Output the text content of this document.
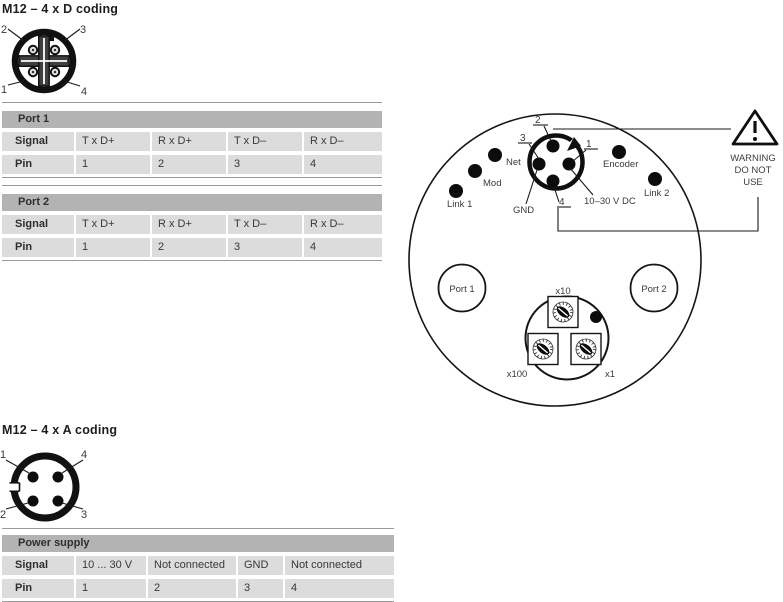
M12 – 4 x D coding
2	3
1	4
Port 1
Signal	T x D+	R x D+	T x D–	R x D–
Pin	1	2	3	4
Port 2
Signal	T x D+	R x D+	T x D–	R x D–
Pin	1	2	3	4
Net
Mod
Link 1
Encoder
Link 2
2
3
1
4
GND
10–30 V DC
WARNING
DO NOT
USE
Port 1	Port 2
x10
x100	x1
M12 – 4 x A coding
1	4
2	3
Power supply
Signal	10 ... 30 V	Not connected	GND	Not connected
Pin	1	2	3	4
